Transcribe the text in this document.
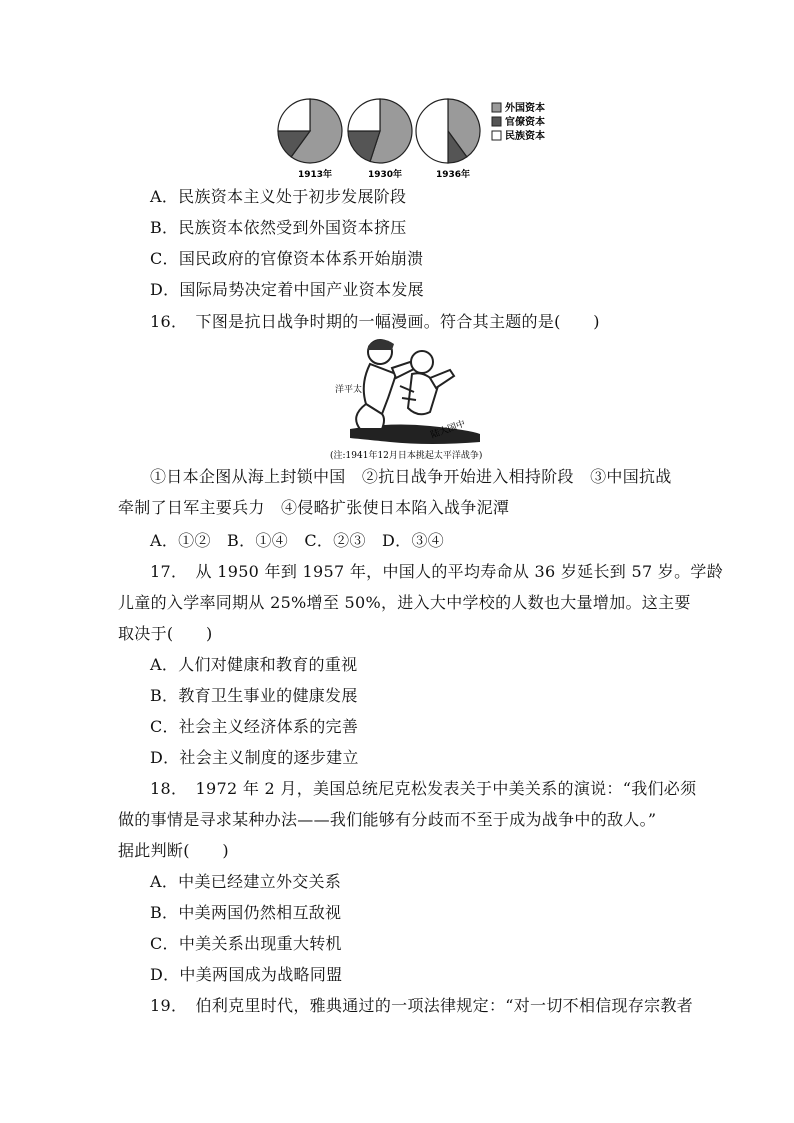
1913年	1930年	1936年
外国资本
官僚资本
民族资本
A．民族资本主义处于初步发展阶段
B．民族资本依然受到外国资本挤压
C．国民政府的官僚资本体系开始崩溃
D．国际局势决定着中国产业资本发展
16．　下图是抗日战争时期的一幅漫画。符合其主题的是(　　)
洋平太
陆大国中
(注:1941年12月日本挑起太平洋战争)
①日本企图从海上封锁中国　②抗日战争开始进入相持阶段　③中国抗战
牵制了日军主要兵力　④侵略扩张使日本陷入战争泥潭
A．①②　B．①④　C．②③　D．③④
17．　从 1950 年到 1957 年，中国人的平均寿命从 36 岁延长到 57 岁。学龄
儿童的入学率同期从 25%增至 50%，进入大中学校的人数也大量增加。这主要
取决于(　　)
A．人们对健康和教育的重视
B．教育卫生事业的健康发展
C．社会主义经济体系的完善
D．社会主义制度的逐步建立
18．　1972 年 2 月，美国总统尼克松发表关于中美关系的演说：“我们必须
做的事情是寻求某种办法——我们能够有分歧而不至于成为战争中的敌人。”
据此判断(　　)
A．中美已经建立外交关系
B．中美两国仍然相互敌视
C．中美关系出现重大转机
D．中美两国成为战略同盟
19．　伯利克里时代，雅典通过的一项法律规定：“对一切不相信现存宗教者
